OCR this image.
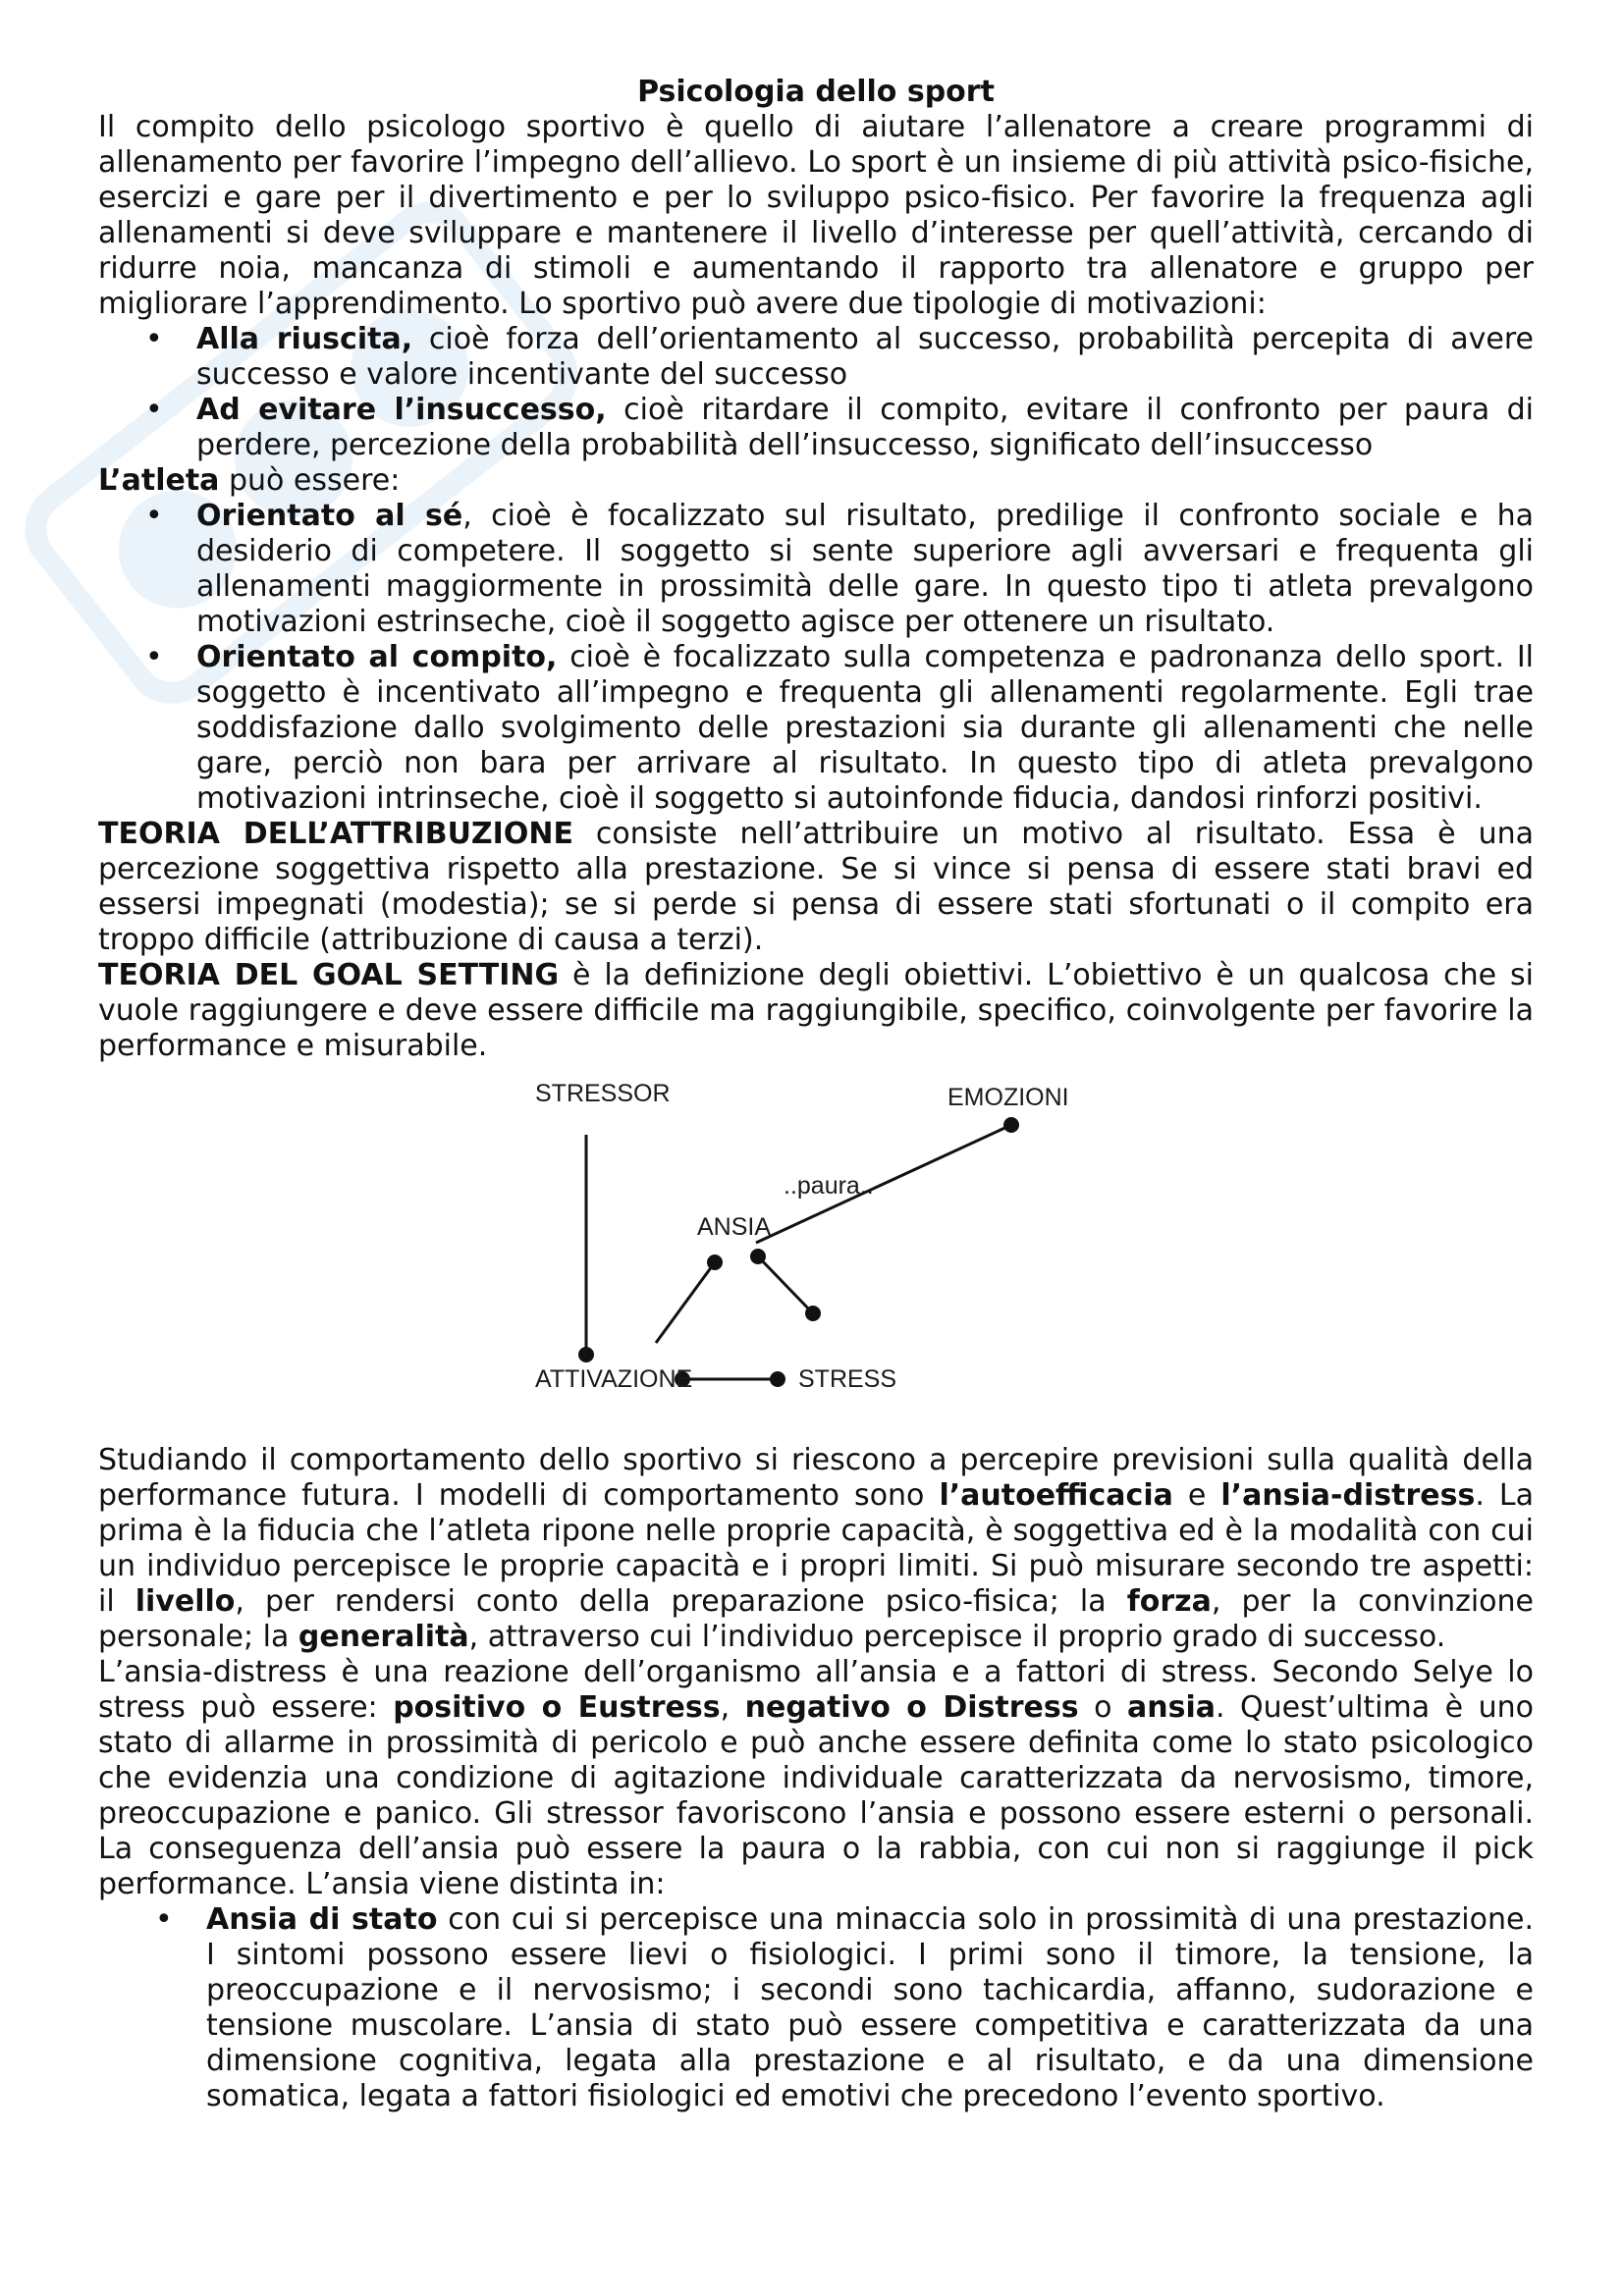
Psicologia dello sport

Il compito dello psicologo sportivo è quello di aiutare l’allenatore a creare programmi di allenamento per favorire l’impegno dell’allievo. Lo sport è un insieme di più attività psico-fisiche, esercizi e gare per il divertimento e per lo sviluppo psico-fisico. Per favorire la frequenza agli allenamenti si deve sviluppare e mantenere il livello d’interesse per quell’attività, cercando di ridurre noia, mancanza di stimoli e aumentando il rapporto tra allenatore e gruppo per migliorare l’apprendimento. Lo sportivo può avere due tipologie di motivazioni:

• Alla riuscita, cioè forza dell’orientamento al successo, probabilità percepita di avere successo e valore incentivante del successo
• Ad evitare l’insuccesso, cioè ritardare il compito, evitare il confronto per paura di perdere, percezione della probabilità dell’insuccesso, significato dell’insuccesso

L’atleta può essere:

• Orientato al sé, cioè è focalizzato sul risultato, predilige il confronto sociale e ha desiderio di competere. Il soggetto si sente superiore agli avversari e frequenta gli allenamenti maggiormente in prossimità delle gare. In questo tipo ti atleta prevalgono motivazioni estrinseche, cioè il soggetto agisce per ottenere un risultato.
• Orientato al compito, cioè è focalizzato sulla competenza e padronanza dello sport. Il soggetto è incentivato all’impegno e frequenta gli allenamenti regolarmente. Egli trae soddisfazione dallo svolgimento delle prestazioni sia durante gli allenamenti che nelle gare, perciò non bara per arrivare al risultato. In questo tipo di atleta prevalgono motivazioni intrinseche, cioè il soggetto si autoinfonde fiducia, dandosi rinforzi positivi.

TEORIA DELL’ATTRIBUZIONE consiste nell’attribuire un motivo al risultato. Essa è una percezione soggettiva rispetto alla prestazione. Se si vince si pensa di essere stati bravi ed essersi impegnati (modestia); se si perde si pensa di essere stati sfortunati o il compito era troppo difficile (attribuzione di causa a terzi).

TEORIA DEL GOAL SETTING è la definizione degli obiettivi. L’obiettivo è un qualcosa che si vuole raggiungere e deve essere difficile ma raggiungibile, specifico, coinvolgente per favorire la performance e misurabile.

STRESSOR	EMOZIONI
..paura..
ANSIA
ATTIVAZIONE	STRESS

Studiando il comportamento dello sportivo si riescono a percepire previsioni sulla qualità della performance futura. I modelli di comportamento sono l’autoefficacia e l’ansia-distress. La prima è la fiducia che l’atleta ripone nelle proprie capacità, è soggettiva ed è la modalità con cui un individuo percepisce le proprie capacità e i propri limiti. Si può misurare secondo tre aspetti: il livello, per rendersi conto della preparazione psico-fisica; la forza, per la convinzione personale; la generalità, attraverso cui l’individuo percepisce il proprio grado di successo.

L’ansia-distress è una reazione dell’organismo all’ansia e a fattori di stress. Secondo Selye lo stress può essere: positivo o Eustress, negativo o Distress o ansia. Quest’ultima è uno stato di allarme in prossimità di pericolo e può anche essere definita come lo stato psicologico che evidenzia una condizione di agitazione individuale caratterizzata da nervosismo, timore, preoccupazione e panico. Gli stressor favoriscono l’ansia e possono essere esterni o personali. La conseguenza dell’ansia può essere la paura o la rabbia, con cui non si raggiunge il pick performance. L’ansia viene distinta in:

• Ansia di stato con cui si percepisce una minaccia solo in prossimità di una prestazione. I sintomi possono essere lievi o fisiologici. I primi sono il timore, la tensione, la preoccupazione e il nervosismo; i secondi sono tachicardia, affanno, sudorazione e tensione muscolare. L’ansia di stato può essere competitiva e caratterizzata da una dimensione cognitiva, legata alla prestazione e al risultato, e da una dimensione somatica, legata a fattori fisiologici ed emotivi che precedono l’evento sportivo.
